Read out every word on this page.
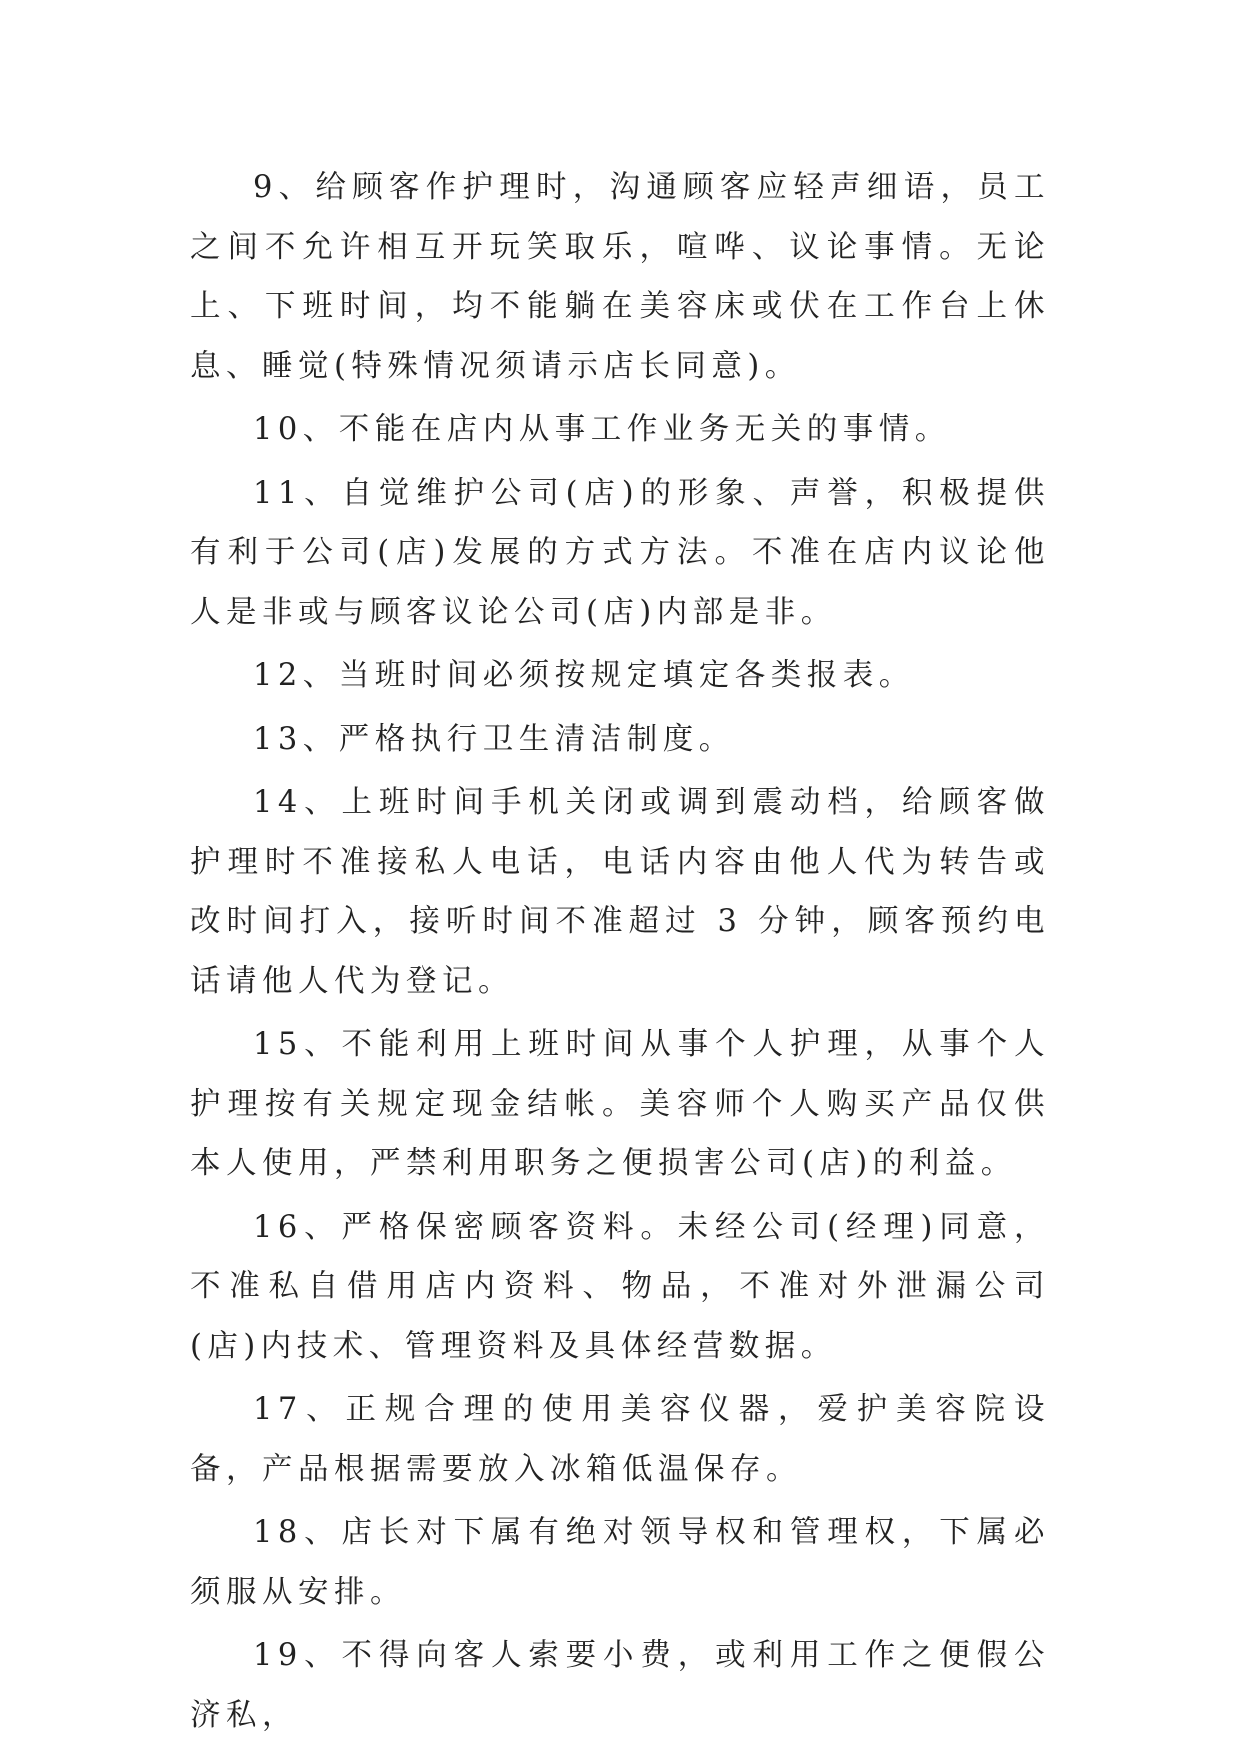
9、给顾客作护理时，沟通顾客应轻声细语，员工之间不允许相互开玩笑取乐，喧哗、议论事情。无论上、下班时间，均不能躺在美容床或伏在工作台上休息、睡觉(特殊情况须请示店长同意)。

10、不能在店内从事工作业务无关的事情。

11、自觉维护公司(店)的形象、声誉，积极提供有利于公司(店)发展的方式方法。不准在店内议论他人是非或与顾客议论公司(店)内部是非。

12、当班时间必须按规定填定各类报表。

13、严格执行卫生清洁制度。

14、上班时间手机关闭或调到震动档，给顾客做护理时不准接私人电话，电话内容由他人代为转告或改时间打入，接听时间不准超过 3 分钟，顾客预约电话请他人代为登记。

15、不能利用上班时间从事个人护理，从事个人护理按有关规定现金结帐。美容师个人购买产品仅供本人使用，严禁利用职务之便损害公司(店)的利益。

16、严格保密顾客资料。未经公司(经理)同意，不准私自借用店内资料、物品，不准对外泄漏公司(店)内技术、管理资料及具体经营数据。

17、正规合理的使用美容仪器，爱护美容院设备，产品根据需要放入冰箱低温保存。

18、店长对下属有绝对领导权和管理权，下属必须服从安排。

19、不得向客人索要小费，或利用工作之便假公济私，
